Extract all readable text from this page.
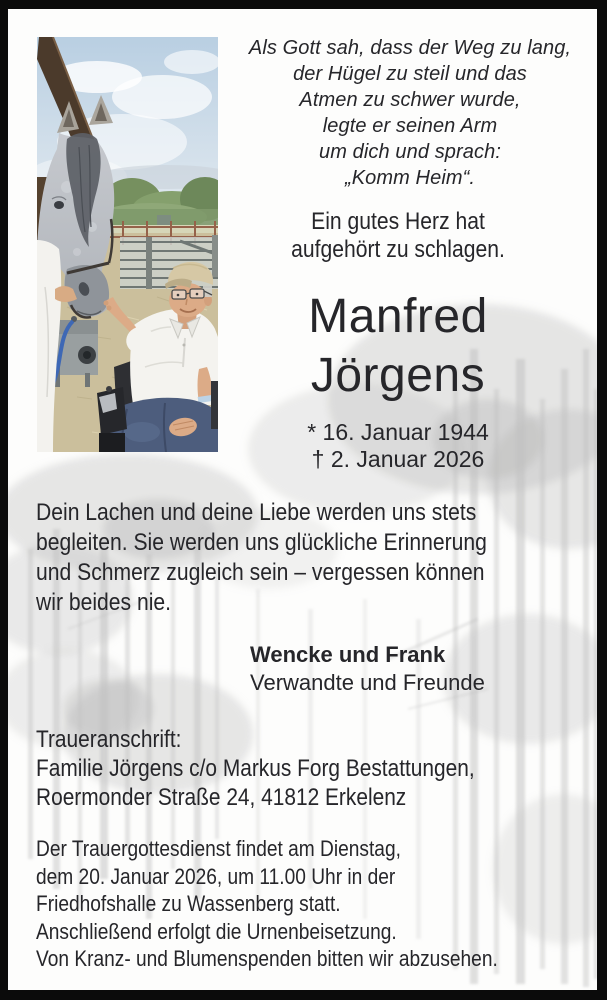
Als Gott sah, dass der Weg zu lang,
der Hügel zu steil und das
Atmen zu schwer wurde,
legte er seinen Arm
um dich und sprach:
„Komm Heim“.
Ein gutes Herz hat
aufgehört zu schlagen.
Manfred
Jörgens
* 16. Januar 1944
† 2. Januar 2026
Dein Lachen und deine Liebe werden uns stets
begleiten. Sie werden uns glückliche Erinnerung
und Schmerz zugleich sein – vergessen können
wir beides nie.
Wencke und Frank
Verwandte und Freunde
Traueranschrift:
Familie Jörgens c/o Markus Forg Bestattungen,
Roermonder Straße 24, 41812 Erkelenz
Der Trauergottesdienst findet am Dienstag,
dem 20. Januar 2026, um 11.00 Uhr in der
Friedhofshalle zu Wassenberg statt.
Anschließend erfolgt die Urnenbeisetzung.
Von Kranz- und Blumenspenden bitten wir abzusehen.
